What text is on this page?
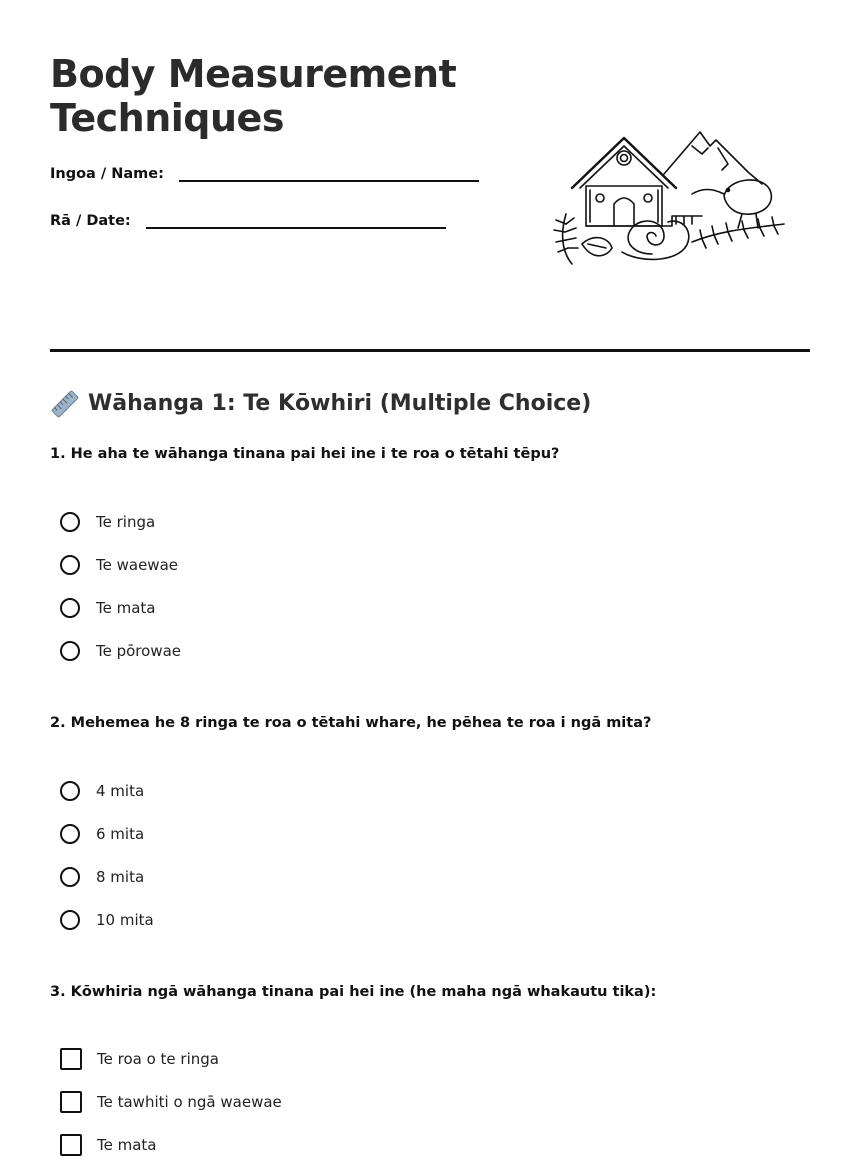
Body Measurement
Techniques
Ingoa / Name:
Rā / Date:
Wāhanga 1: Te Kōwhiri (Multiple Choice)

1. He aha te wāhanga tinana pai hei ine i te roa o tētahi tēpu?

Te ringa
Te waewae
Te mata
Te pōrowae

2. Mehemea he 8 ringa te roa o tētahi whare, he pēhea te roa i ngā mita?

4 mita
6 mita
8 mita
10 mita

3. Kōwhiria ngā wāhanga tinana pai hei ine (he maha ngā whakautu tika):

Te roa o te ringa
Te tawhiti o ngā waewae
Te mata
